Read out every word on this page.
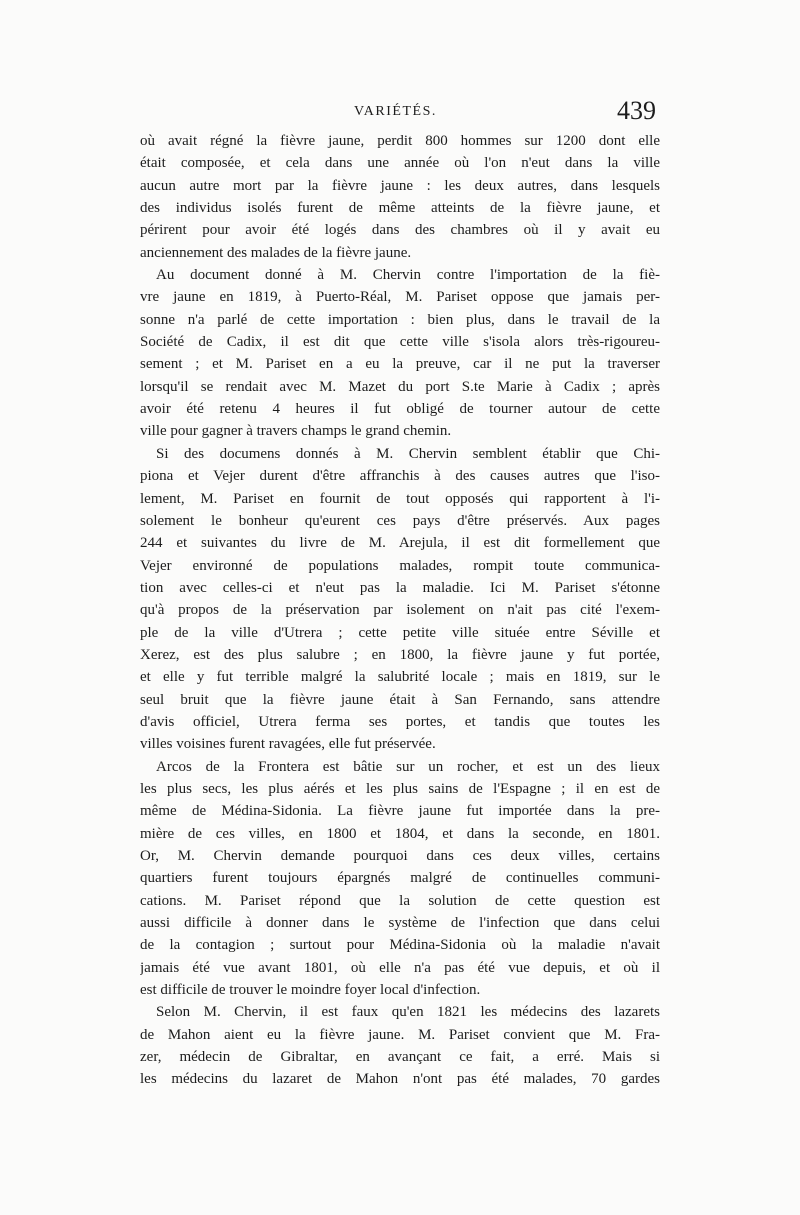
VARIÉTÉS.	439
où avait régné la fièvre jaune, perdit 800 hommes sur 1200 dont elle
était composée, et cela dans une année où l'on n'eut dans la ville
aucun autre mort par la fièvre jaune : les deux autres, dans lesquels
des individus isolés furent de même atteints de la fièvre jaune, et
périrent pour avoir été logés dans des chambres où il y avait eu
anciennement des malades de la fièvre jaune.
Au document donné à M. Chervin contre l'importation de la fiè-
vre jaune en 1819, à Puerto-Réal, M. Pariset oppose que jamais per-
sonne n'a parlé de cette importation : bien plus, dans le travail de la
Société de Cadix, il est dit que cette ville s'isola alors très-rigoureu-
sement ; et M. Pariset en a eu la preuve, car il ne put la traverser
lorsqu'il se rendait avec M. Mazet du port S.te Marie à Cadix ; après
avoir été retenu 4 heures il fut obligé de tourner autour de cette
ville pour gagner à travers champs le grand chemin.
Si des documens donnés à M. Chervin semblent établir que Chi-
piona et Vejer durent d'être affranchis à des causes autres que l'iso-
lement, M. Pariset en fournit de tout opposés qui rapportent à l'i-
solement le bonheur qu'eurent ces pays d'être préservés. Aux pages
244 et suivantes du livre de M. Arejula, il est dit formellement que
Vejer environné de populations malades, rompit toute communica-
tion avec celles-ci et n'eut pas la maladie. Ici M. Pariset s'étonne
qu'à propos de la préservation par isolement on n'ait pas cité l'exem-
ple de la ville d'Utrera ; cette petite ville située entre Séville et
Xerez, est des plus salubre ; en 1800, la fièvre jaune y fut portée,
et elle y fut terrible malgré la salubrité locale ; mais en 1819, sur le
seul bruit que la fièvre jaune était à San Fernando, sans attendre
d'avis officiel, Utrera ferma ses portes, et tandis que toutes les
villes voisines furent ravagées, elle fut préservée.
Arcos de la Frontera est bâtie sur un rocher, et est un des lieux
les plus secs, les plus aérés et les plus sains de l'Espagne ; il en est de
même de Médina-Sidonia. La fièvre jaune fut importée dans la pre-
mière de ces villes, en 1800 et 1804, et dans la seconde, en 1801.
Or, M. Chervin demande pourquoi dans ces deux villes, certains
quartiers furent toujours épargnés malgré de continuelles communi-
cations. M. Pariset répond que la solution de cette question est
aussi difficile à donner dans le système de l'infection que dans celui
de la contagion ; surtout pour Médina-Sidonia où la maladie n'avait
jamais été vue avant 1801, où elle n'a pas été vue depuis, et où il
est difficile de trouver le moindre foyer local d'infection.
Selon M. Chervin, il est faux qu'en 1821 les médecins des lazarets
de Mahon aient eu la fièvre jaune. M. Pariset convient que M. Fra-
zer, médecin de Gibraltar, en avançant ce fait, a erré. Mais si
les médecins du lazaret de Mahon n'ont pas été malades, 70 gardes
